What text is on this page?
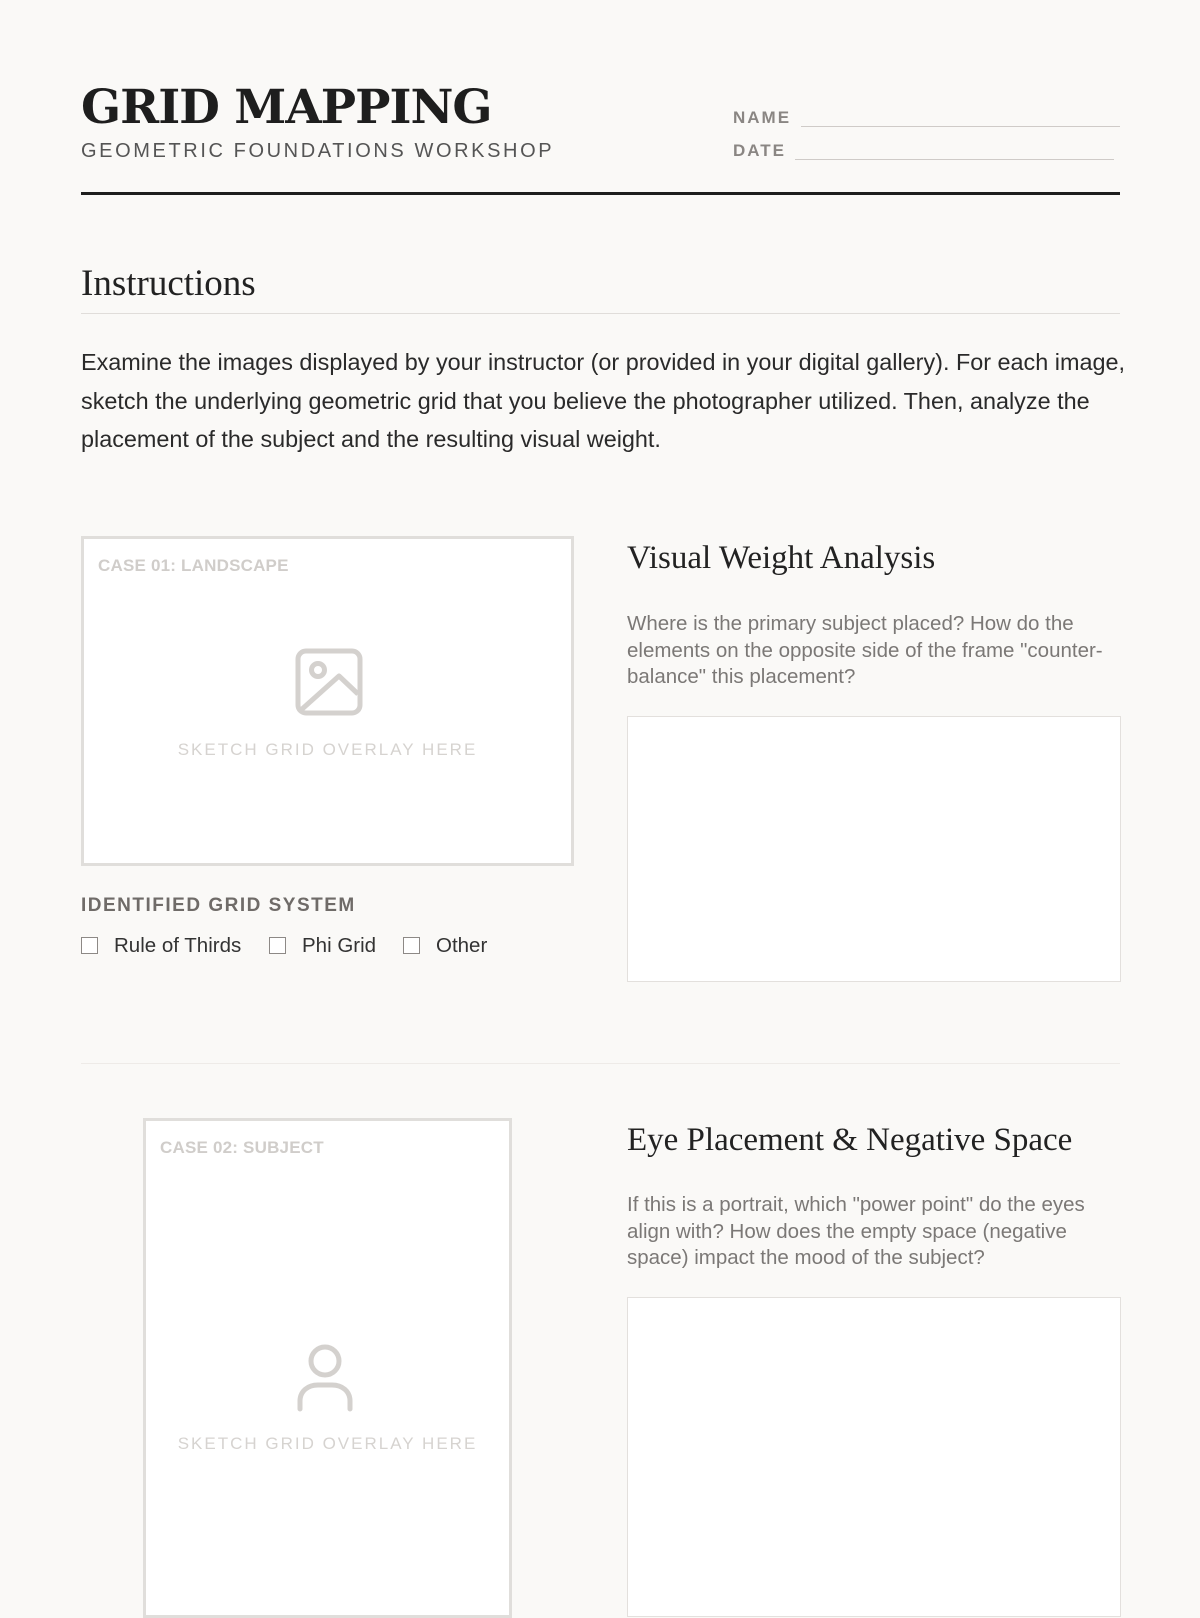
GRID MAPPING
GEOMETRIC FOUNDATIONS WORKSHOP
NAME
DATE
Instructions
Examine the images displayed by your instructor (or provided in your digital gallery). For each image, sketch the underlying geometric grid that you believe the photographer utilized. Then, analyze the placement of the subject and the resulting visual weight.
CASE 01: LANDSCAPE
SKETCH GRID OVERLAY HERE
IDENTIFIED GRID SYSTEM
Rule of Thirds	Phi Grid	Other
Visual Weight Analysis
Where is the primary subject placed? How do the elements on the opposite side of the frame "counter-balance" this placement?
CASE 02: SUBJECT
SKETCH GRID OVERLAY HERE
Eye Placement & Negative Space
If this is a portrait, which "power point" do the eyes align with? How does the empty space (negative space) impact the mood of the subject?
